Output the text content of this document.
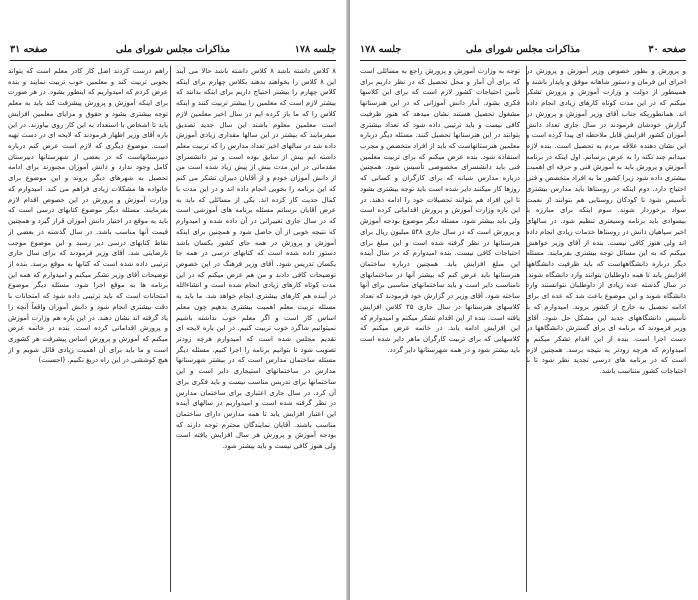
جلسه ۱۷۸
مذاکرات مجلس شورای ملی
صفحه ۳۱

۸ کلاس داشته باشد ۸ کلاس داشته باشد حالا می آیند این ۸ کلاس را بخواهند بدهند بکلاس چهارم برای اینکه کلاس چهارم را بیشتر احتیاج داریم برای اینکه بدانند که بیشتر لازم است که معلمین را بیشتر تربیت کنند و اینکه کلاس را که ما باز کرده ایم در سال اخیر معلمین لازم است معلمین معلوم باشند این سال جدید تصدیق میفرمایند که بیشتر در این سالها مقداری زیادی آموزش داده شد در سالهای اخیر تعداد مدارس را که تربیت معلم داشته ایم بیش از سابق بوده است و نیز دانشسرای مقدماتی در این مدت بیش از پیش زیاد شده است من از دانش آموزان خودم و از آقایان دبیران تشکر می کنم که این برنامه را بخوبی انجام داده اند و در این مدت با کمال جدیت کار کرده اند. یکی از مسائلی که باید به عرض آقایان برسانم مسئله برنامه های آموزشی است که در سال جاری تغییراتی در آن داده شده و امیدوارم که نتیجه خوبی از آن حاصل شود و همچنین برای اینکه آموزش و پرورش در همه جای کشور یکسان باشد دستور داده شده است که کتابهای درسی در همه جا یکسان تدریس شود. آقای وزیر فرهنگ در این خصوص توضیحات کافی دادند و من هم عرض میکنم که در این مدت کوتاه کارهای زیادی انجام شده است و انشاءالله در آینده هم کارهای بیشتری انجام خواهد شد. ما باید به مسئله تربیت معلم اهمیت بیشتری بدهیم چون معلم اساس کار است و اگر معلم خوب نداشته باشیم نمیتوانیم شاگرد خوب تربیت کنیم. در این باره لایحه ای تقدیم مجلس شده است که امیدوارم هرچه زودتر تصویب شود تا بتوانیم برنامه را اجرا کنیم. مسئله دیگر مسئله ساختمان مدارس است که در بیشتر شهرستانها مدارس در ساختمانهای استیجاری دایر است و این ساختمانها برای تدریس مناسب نیست و باید فکری برای آن کرد. در سال جاری اعتباری برای ساختمان مدارس در نظر گرفته شده است و امیدواریم در سالهای آینده این اعتبار افزایش یابد تا همه مدارس دارای ساختمان مناسب باشند. آقایان نمایندگان محترم توجه دارند که بودجه آموزش و پرورش هر سال افزایش یافته است ولی هنوز کافی نیست و باید بیشتر شود.

راهم درست کردند اصل کار کادر معلم است که بتواند بخوبی تربیت کند و معلمین خوب تربیت نمایند و بنده عرض کردم که امیدواریم که اینطور بشود. در هر صورت برای اینکه آموزش و پرورش پیشرفت کند باید به معلم توجه بیشتری بشود و حقوق و مزایای معلمین افزایش یابد تا اشخاص با استعداد به این کار روی بیاورند. در این باره آقای وزیر اظهار فرمودند که لایحه ای در دست تهیه است. موضوع دیگری که لازم است عرض کنم درباره دبیرستانهاست که در بعضی از شهرستانها دبیرستان کامل وجود ندارد و دانش آموزان مجبورند برای ادامه تحصیل به شهرهای دیگر بروند و این موضوع برای خانواده ها مشکلات زیادی فراهم می کند. امیدوارم که وزارت آموزش و پرورش در این خصوص اقدام لازم بفرمایند. مسئله دیگر موضوع کتابهای درسی است که باید به موقع در اختیار دانش آموزان قرار گیرد و همچنین قیمت آنها مناسب باشد. در سال گذشته در بعضی از نقاط کتابهای درسی دیر رسید و این موضوع موجب نارضایتی شد. آقای وزیر فرمودند که برای سال جاری ترتیبی داده شده است که کتابها به موقع برسد. بنده از توضیحات آقای وزیر تشکر میکنم و امیدوارم که همه این برنامه ها به موقع اجرا شود. مسئله دیگر موضوع امتحانات است که باید ترتیبی داده شود که امتحانات با دقت بیشتری انجام شود و دانش آموزان واقعاً آنچه را یاد گرفته اند نشان دهند. در این باره هم وزارت آموزش و پرورش اقداماتی کرده است. بنده در خاتمه عرض میکنم که آموزش و پرورش اساس پیشرفت هر کشوری است و ما باید برای آن اهمیت زیادی قائل شویم و از هیچ کوششی در این راه دریغ نکنیم. (احسنت)

صفحه ۳۰
مذاکرات مجلس شورای ملی
جلسه ۱۷۸

و پرورش و بطور خصوص وزیر آموزش و پرورش در اجرای این فرمان و دستور شاهانه موفق و پایدار باشند و همینطور از دولت و وزارت آموزش و پرورش تشکر میکنم که در این مدت کوتاه کارهای زیادی انجام داده اند. همانطوریکه جناب آقای وزیر آموزش و پرورش در گزارش خودشان فرمودند در سال جاری تعداد دانش آموزان کشور افزایش قابل ملاحظه ای پیدا کرده است و این نشان دهنده علاقه مردم به تحصیل است. بنده لازم میدانم چند نکته را به عرض برسانم. اول اینکه در برنامه آموزش و پرورش باید به آموزش فنی و حرفه ای اهمیت بیشتری داده شود زیرا کشور ما به افراد متخصص و فنی احتیاج دارد. دوم اینکه در روستاها باید مدارس بیشتری تأسیس شود تا کودکان روستایی هم بتوانند از نعمت سواد برخوردار شوند. سوم اینکه برای مبارزه با بیسوادی باید برنامه وسیعتری تنظیم شود. در سالهای اخیر سپاهیان دانش در روستاها خدمات زیادی انجام داده اند ولی هنوز کافی نیست. بنده از آقای وزیر خواهش میکنم که به این مسائل توجه بیشتری بفرمایند. مسئله دیگر درباره دانشگاههاست که باید ظرفیت دانشگاهها افزایش یابد تا همه داوطلبان بتوانند وارد دانشگاه شوند. در سال گذشته عده زیادی از داوطلبان نتوانستند وارد دانشگاه شوند و این موضوع باعث شد که عده ای برای ادامه تحصیل به خارج از کشور بروند. امیدوارم که با تأسیس دانشگاههای جدید این مشکل حل شود. آقای وزیر فرمودند که برنامه ای برای گسترش دانشگاهها در دست اجرا است. بنده از این اقدام تشکر میکنم و امیدوارم که هرچه زودتر به نتیجه برسد. همچنین لازم است که در برنامه های درسی تجدید نظر شود تا با احتیاجات کشور متناسب باشد.

توجه به وزارت آموزش و پرورش راجع به مسائلی است که برای آن آمار و محل تحصیل که در نظر داریم برای تأمین احتیاجات کشور لازم است که برای این کلاسها فکری بشود. آمار دانش آموزانی که در این هنرستانها مشغول تحصیل هستند نشان میدهد که هنوز ظرفیت کافی نیست و باید ترتیبی داده شود که تعداد بیشتری بتوانند در این هنرستانها تحصیل کنند. مسئله دیگر درباره معلمین هنرستانهاست که باید از افراد متخصص و مجرب استفاده شود. بنده عرض میکنم که برای تربیت معلمین فنی باید دانشسرای مخصوصی تأسیس شود. همچنین درباره مدارس شبانه که برای کارگران و کسانی که روزها کار میکنند دایر شده است باید توجه بیشتری بشود تا این افراد هم بتوانند تحصیلات خود را ادامه دهند. در این باره وزارت آموزش و پرورش اقداماتی کرده است ولی باید بیشتر شود. مسئله دیگر موضوع بودجه آموزش و پرورش است که در سال جاری ۵۴۸ میلیون ریال برای هنرستانها در نظر گرفته شده است و این مبلغ برای احتیاجات کافی نیست. بنده امیدوارم که در سال آینده این مبلغ افزایش یابد. همچنین درباره ساختمان هنرستانها باید عرض کنم که بیشتر آنها در ساختمانهای نامناسب دایر است و باید ساختمانهای مناسبی برای آنها ساخته شود. آقای وزیر در گزارش خود فرمودند که تعداد کلاسهای هنرستانها در سال جاری ۲۵ کلاس افزایش یافته است. بنده از این اقدام تشکر میکنم و امیدوارم که این افزایش ادامه یابد. در خاتمه عرض میکنم که کلاسهایی که برای تربیت کارگران ماهر دایر شده است باید بیشتر شود و در همه شهرستانها دایر گردد.
